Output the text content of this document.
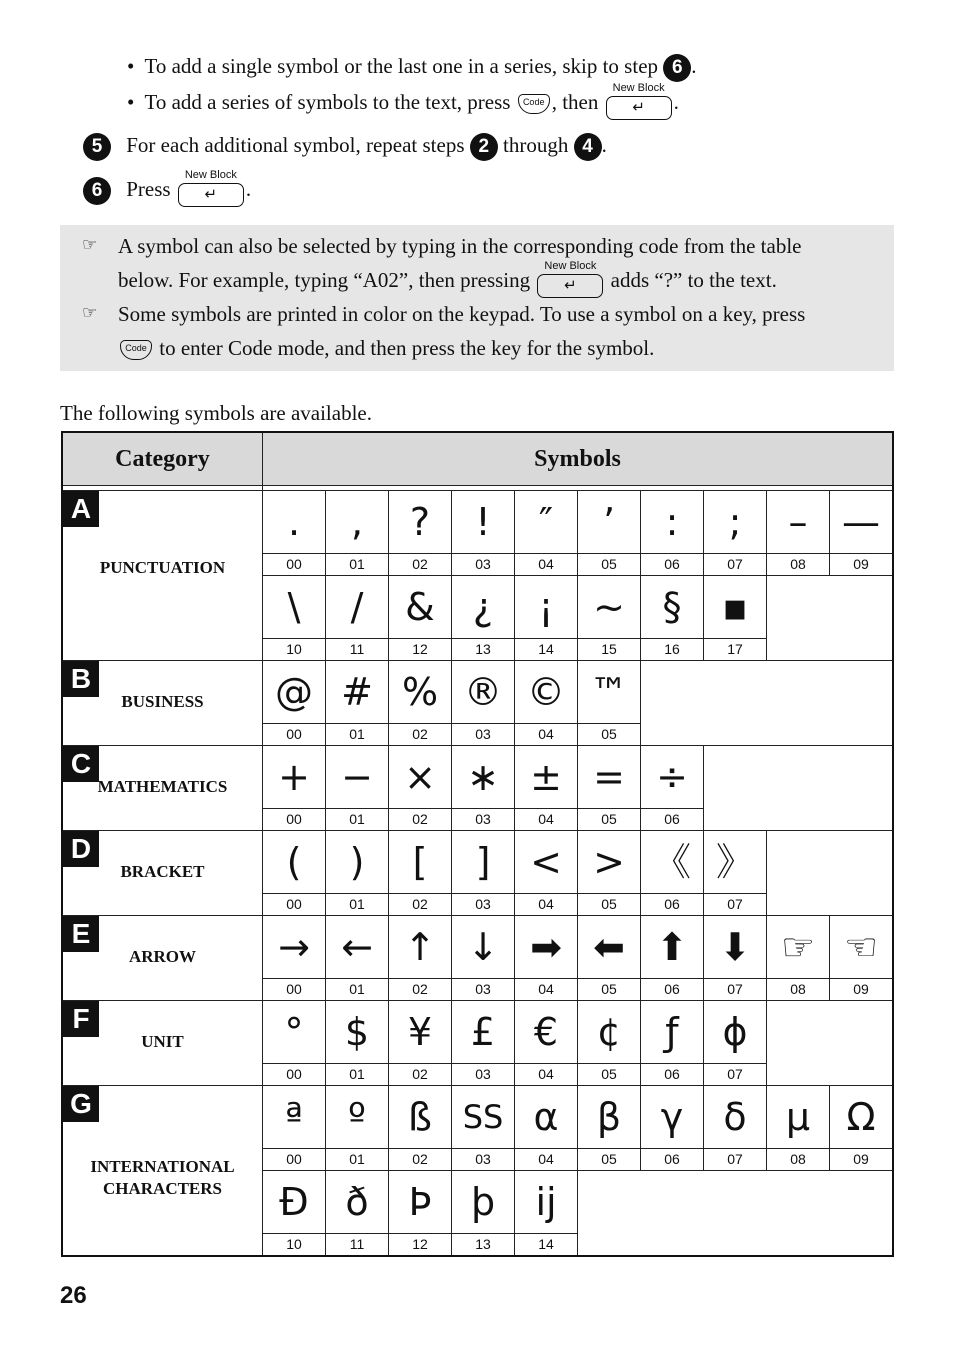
• To add a single symbol or the last one in a series, skip to step 6 .
• To add a series of symbols to the text, press Code , then
New Block
↵	.
5 For each additional symbol, repeat steps 2 through 4 .
6 Press
New Block
↵	.
☞ A symbol can also be selected by typing in the corresponding code from the table
below. For example, typing “A02”, then pressing
New Block
↵	adds “?” to the text.
☞ Some symbols are printed in color on the keypad. To use a symbol on a key, press
Code to enter Code mode, and then press the key for the symbol.
The following symbols are available.
Category	Symbols									

A
PUNCTUATION	.	,	?	!	″	’	:	;	–	—
	00	01	02	03	04	05	06	07	08	09
	\	/	&	¿	¡	~	§	▪		
	10	11	12	13	14	15	16	17		

B
BUSINESS	@	#	%	®	©	™				
	00	01	02	03	04	05				

C
MATHEMATICS	+	−	×	∗	±	=	÷			
	00	01	02	03	04	05	06			

D
BRACKET	(	)	[	]	<	>	《	》		
	00	01	02	03	04	05	06	07		

E
ARROW	→	←	↑	↓	➡	⬅	⬆	⬇	☞	☜
	00	01	02	03	04	05	06	07	08	09

F
UNIT	°	$	¥	£	€	¢	ƒ	ϕ		
	00	01	02	03	04	05	06	07		

G
INTERNATIONAL CHARACTERS	ª	º	ß	SS	α	β	γ	δ	μ	Ω
	00	01	02	03	04	05	06	07	08	09
	Đ	ð	Þ	þ	ĳ					
	10	11	12	13	14					
26
